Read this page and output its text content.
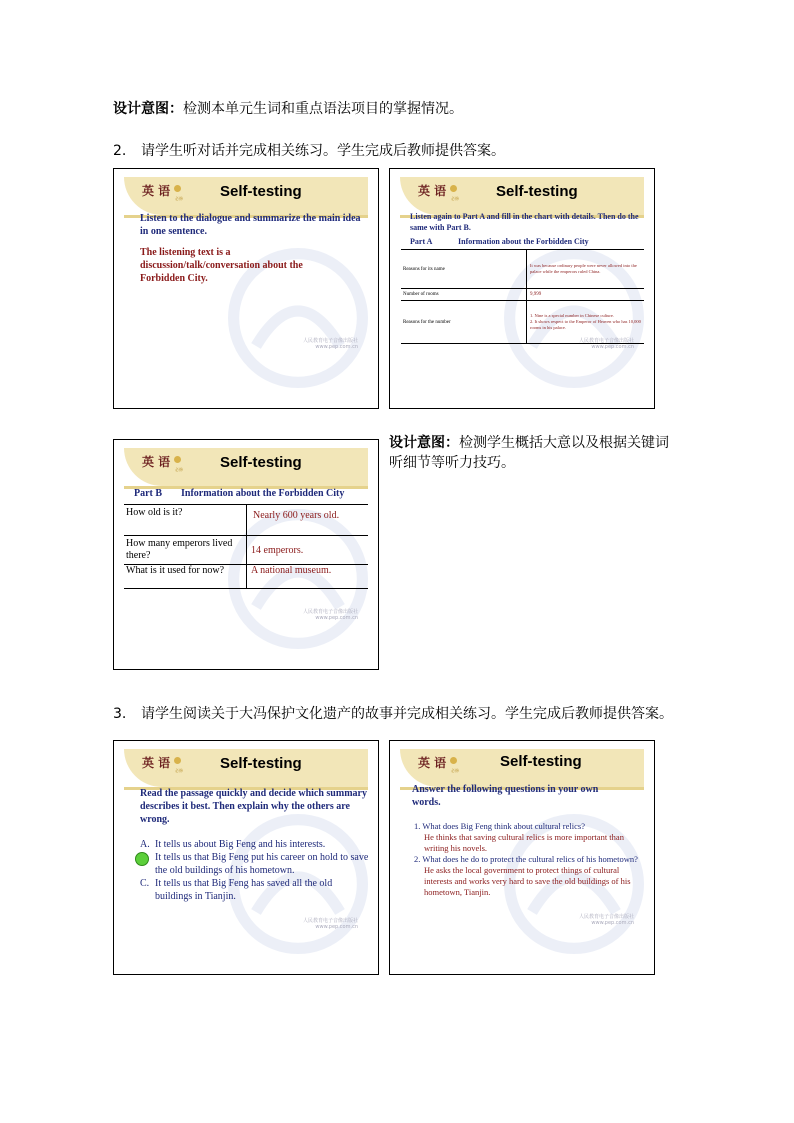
设计意图：检测本单元生词和重点语法项目的掌握情况。
2. 请学生听对话并完成相关练习。学生完成后教师提供答案。
英 语
必修 Self-testing
Listen to the dialogue and summarize the main idea in one sentence.
The listening text is a discussion/talk/conversation about the Forbidden City.
人民教育电子音像出版社
www.pep.com.cn
英 语
必修 Self-testing
Listen again to Part A and fill in the chart with details. Then do the same with Part B.
Part A	Information about the Forbidden City
Reasons for its name	It was because ordinary people were never allowed into the palace while the emperors ruled China.
Number of rooms	9,999
Reasons for the number	1. Nine is a special number in Chinese culture.
2. It shows respect to the Emperor of Heaven who has 10,000 rooms in his palace.
人民教育电子音像出版社
www.pep.com.cn
英 语
必修 Self-testing
Part B Information about the Forbidden City
How old is it?	Nearly 600 years old.
How many emperors lived there?	14 emperors.
What is it used for now?	A national museum.
人民教育电子音像出版社
www.pep.com.cn
设计意图：检测学生概括大意以及根据关键词
听细节等听力技巧。
3. 请学生阅读关于大冯保护文化遗产的故事并完成相关练习。学生完成后教师提供答案。
英 语
必修 Self-testing
Read the passage quickly and decide which summary describes it best. Then explain why the others are wrong.
A. It tells us about Big Feng and his interests.
It tells us that Big Feng put his career on hold to save the old buildings of his hometown.
C. It tells us that Big Feng has saved all the old buildings in Tianjin.
人民教育电子音像出版社
www.pep.com.cn
英 语
必修
Self-testing
Answer the following questions in your own words.
1. What does Big Feng think about cultural relics?
He thinks that saving cultural relics is more important than writing his novels.
2. What does he do to protect the cultural relics of his hometown?
He asks the local government to protect things of cultural interests and works very hard to save the old buildings of his hometown, Tianjin.
人民教育电子音像出版社
www.pep.com.cn
